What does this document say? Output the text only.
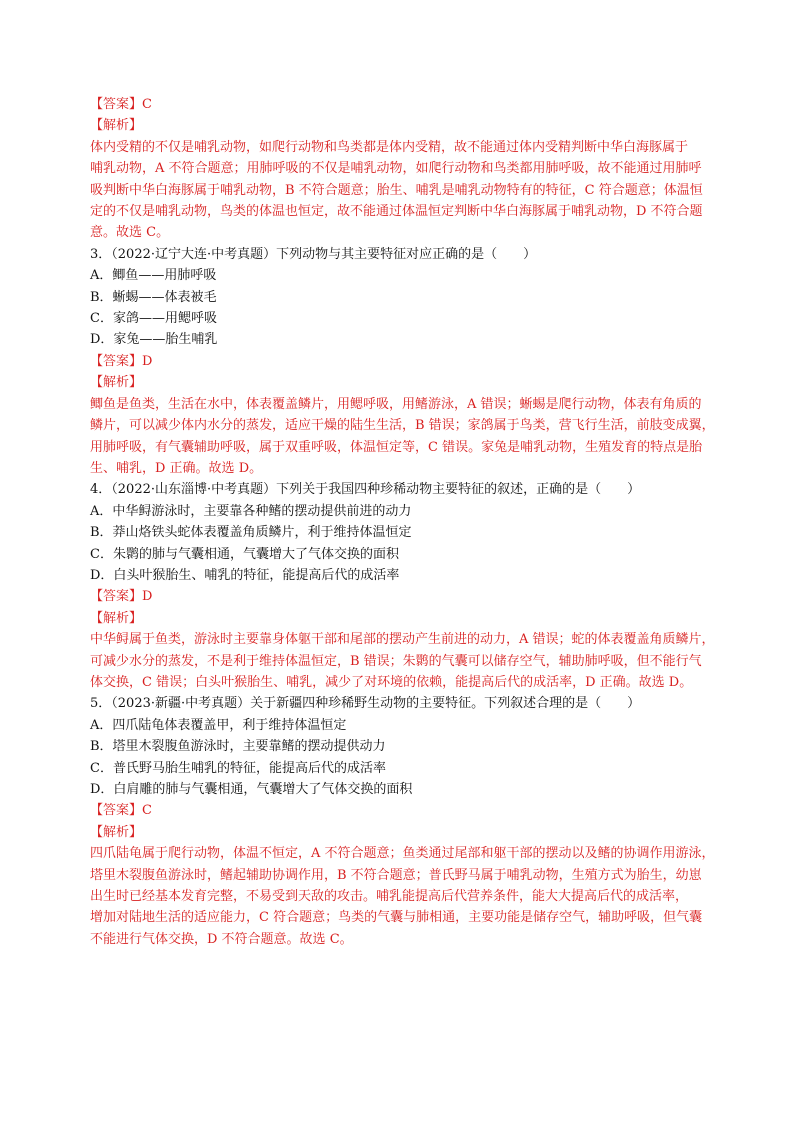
【答案】C
【解析】
体内受精的不仅是哺乳动物，如爬行动物和鸟类都是体内受精，故不能通过体内受精判断中华白海豚属于
哺乳动物，A 不符合题意；用肺呼吸的不仅是哺乳动物，如爬行动物和鸟类都用肺呼吸，故不能通过用肺呼
吸判断中华白海豚属于哺乳动物，B 不符合题意；胎生、哺乳是哺乳动物特有的特征，C 符合题意；体温恒
定的不仅是哺乳动物，鸟类的体温也恒定，故不能通过体温恒定判断中华白海豚属于哺乳动物，D 不符合题
意。故选 C。
3．（2022·辽宁大连·中考真题）下列动物与其主要特征对应正确的是（　　）
A．鲫鱼——用肺呼吸
B．蜥蜴——体表被毛
C．家鸽——用鳃呼吸
D．家兔——胎生哺乳
【答案】D
【解析】
鲫鱼是鱼类，生活在水中，体表覆盖鳞片，用鳃呼吸，用鳍游泳，A 错误；蜥蜴是爬行动物，体表有角质的
鳞片，可以减少体内水分的蒸发，适应干燥的陆生生活，B 错误；家鸽属于鸟类，营飞行生活，前肢变成翼，
用肺呼吸，有气囊辅助呼吸，属于双重呼吸，体温恒定等，C 错误。家兔是哺乳动物，生殖发育的特点是胎
生、哺乳，D 正确。故选 D。
4．（2022·山东淄博·中考真题）下列关于我国四种珍稀动物主要特征的叙述，正确的是（　　）
A．中华鲟游泳时，主要靠各种鳍的摆动提供前进的动力
B．莽山烙铁头蛇体表覆盖角质鳞片，利于维持体温恒定
C．朱鹮的肺与气囊相通，气囊增大了气体交换的面积
D．白头叶猴胎生、哺乳的特征，能提高后代的成活率
【答案】D
【解析】
中华鲟属于鱼类，游泳时主要靠身体躯干部和尾部的摆动产生前进的动力，A 错误；蛇的体表覆盖角质鳞片，
可减少水分的蒸发，不是利于维持体温恒定，B 错误；朱鹮的气囊可以储存空气，辅助肺呼吸，但不能行气
体交换，C 错误；白头叶猴胎生、哺乳，减少了对环境的依赖，能提高后代的成活率，D 正确。故选 D。
5．（2023·新疆·中考真题）关于新疆四种珍稀野生动物的主要特征。下列叙述合理的是（　　）
A．四爪陆龟体表覆盖甲，利于维持体温恒定
B．塔里木裂腹鱼游泳时，主要靠鳍的摆动提供动力
C．普氏野马胎生哺乳的特征，能提高后代的成活率
D．白肩雕的肺与气囊相通，气囊增大了气体交换的面积
【答案】C
【解析】
四爪陆龟属于爬行动物，体温不恒定，A 不符合题意；鱼类通过尾部和躯干部的摆动以及鳍的协调作用游泳，
塔里木裂腹鱼游泳时，鳍起辅助协调作用，B 不符合题意；普氏野马属于哺乳动物，生殖方式为胎生，幼崽
出生时已经基本发育完整，不易受到天敌的攻击。哺乳能提高后代营养条件，能大大提高后代的成活率，
增加对陆地生活的适应能力，C 符合题意；鸟类的气囊与肺相通，主要功能是储存空气，辅助呼吸，但气囊
不能进行气体交换，D 不符合题意。故选 C。
